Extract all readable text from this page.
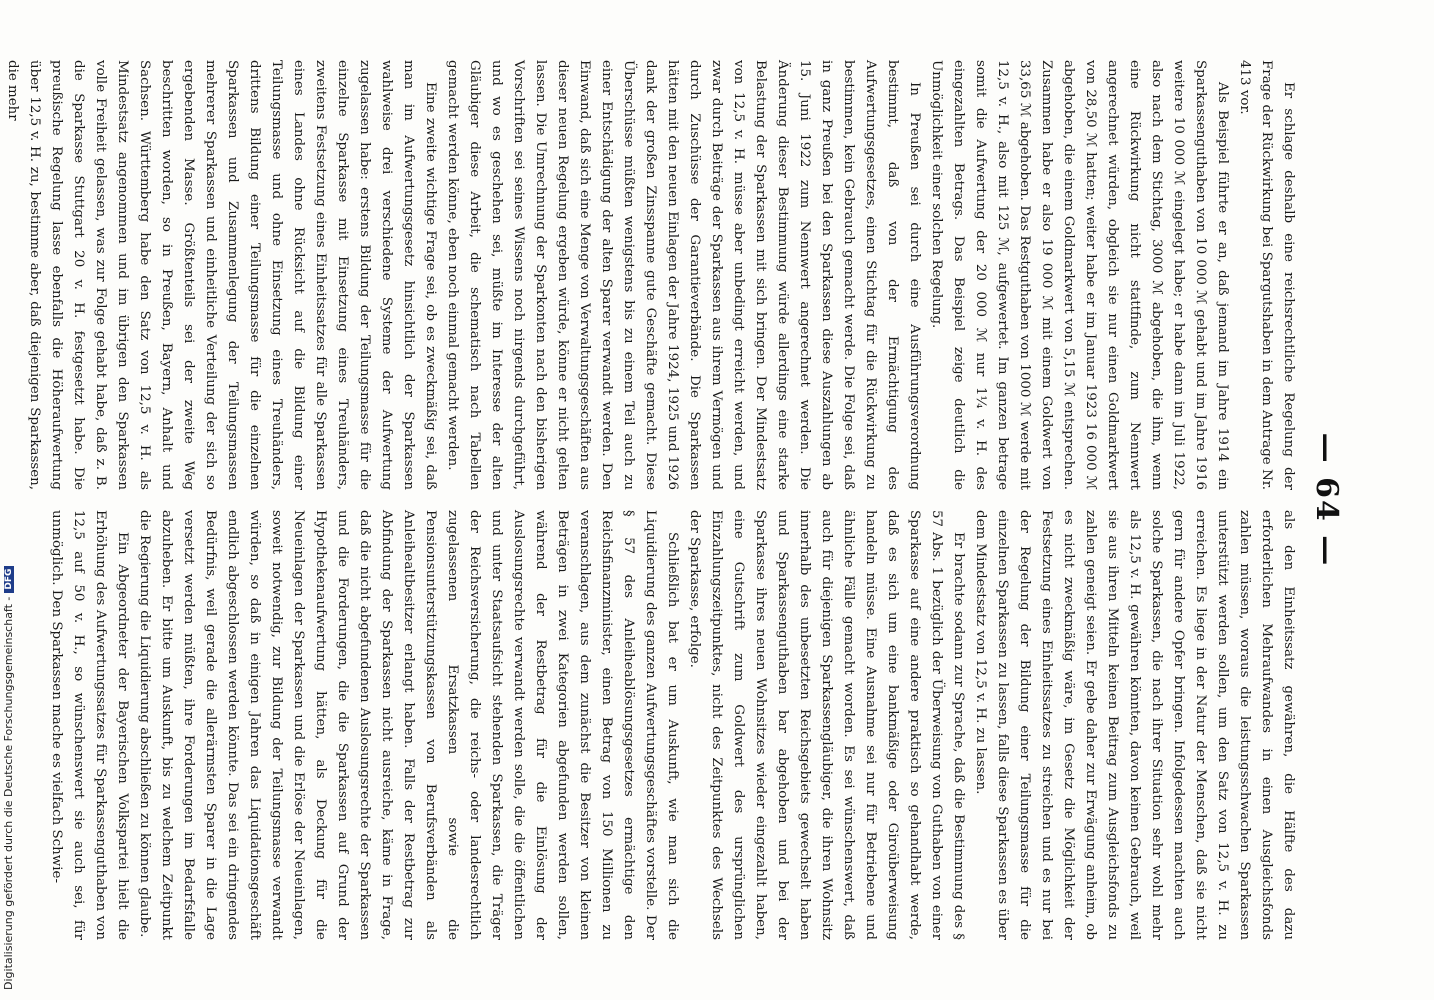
— 64 —

Er schlage deshalb eine reichsrechtliche Regelung der Frage der Rückwirkung bei Spargutshaben in dem Antrage Nr. 413 vor.

Als Beispiel führte er an, daß jemand im Jahre 1914 ein Sparkassenguthaben von 10 000 ℳ gehabt und im Jahre 1916 weitere 10 000 ℳ eingelegt habe; er habe dann im Juli 1922, also nach dem Stichtag, 3000 ℳ abgehoben, die ihm, wenn eine Rückwirkung nicht stattfinde, zum Nennwert angerechnet würden, obgleich sie nur einen Goldmarkwert von 28,50 ℳ hatten; weiter habe er im Januar 1923 16 000 ℳ abgehoben, die einem Goldmarkwert von 5,15 ℳ entsprechen. Zusammen habe er also 19 000 ℳ mit einem Goldwert von 33,65 ℳ abgehoben. Das Restguthaben von 1000 ℳ werde mit 12,5 v. H., also mit 125 ℳ, aufgewertet. Im ganzen betrage somit die Aufwertung der 20 000 ℳ nur 1¼ v. H. des eingezahlten Betrags. Das Beispiel zeige deutlich die Unmöglichkeit einer solchen Regelung.

In Preußen sei durch eine Ausführungsverordnung bestimmt, daß von der Ermächtigung des Aufwertungsgesetzes, einen Stichtag für die Rückwirkung zu bestimmen, kein Gebrauch gemacht werde. Die Folge sei, daß in ganz Preußen bei den Sparkassen diese Auszahlungen ab 15. Juni 1922 zum Nennwert angerechnet werden. Die Änderung dieser Bestimmung würde allerdings eine starke Belastung der Sparkassen mit sich bringen. Der Mindestsatz von 12,5 v. H. müsse aber unbedingt erreicht werden, und zwar durch Beiträge der Sparkassen aus ihrem Vermögen und durch Zuschüsse der Garantieverbände. Die Sparkassen hätten mit den neuen Einlagen der Jahre 1924, 1925 und 1926 dank der großen Zinsspanne gute Geschäfte gemacht. Diese Überschüsse müßten wenigstens bis zu einem Teil auch zu einer Entschädigung der alten Sparer verwandt werden. Den Einwand, daß sich eine Menge von Verwaltungsgeschäften aus dieser neuen Regelung ergeben würde, könne er nicht gelten lassen. Die Umrechnung der Sparkonten nach den bisherigen Vorschriften sei seines Wissens noch nirgends durchgeführt, und wo es geschehen sei, müßte im Interesse der alten Gläubiger diese Arbeit, die schematisch nach Tabellen gemacht werden könne, eben noch einmal gemacht werden.

Eine zweite wichtige Frage sei, ob es zweckmäßig sei, daß man im Aufwertungsgesetz hinsichtlich der Sparkassen wahlweise drei verschiedene Systeme der Aufwertung zugelassen habe: erstens Bildung der Teilungsmasse für die einzelne Sparkasse mit Einsetzung eines Treuhänders, zweitens Festsetzung eines Einheitssatzes für alle Sparkassen eines Landes ohne Rücksicht auf die Bildung einer Teilungsmasse und ohne Einsetzung eines Treuhänders, drittens Bildung einer Teilungsmasse für die einzelnen Sparkassen und Zusammenlegung der Teilungsmassen mehrerer Sparkassen und einheitliche Verteilung der sich so ergebenden Masse. Größtenteils sei der zweite Weg beschritten worden, so in Preußen, Bayern, Anhalt und Sachsen. Württemberg habe den Satz von 12,5 v. H. als Mindestsatz angenommen und im übrigen den Sparkassen volle Freiheit gelassen, was zur Folge gehabt habe, daß z. B. die Sparkasse Stuttgart 20 v. H. festgesetzt habe. Die preußische Regelung lasse ebenfalls die Höheraufwertung über 12,5 v. H. zu, bestimme aber, daß diejenigen Sparkassen, die mehr

als den Einheitssatz gewähren, die Hälfte des dazu erforderlichen Mehraufwandes in einen Ausgleichsfonds zahlen müssen, woraus die leistungsschwachen Sparkassen unterstützt werden sollen, um den Satz von 12,5 v. H. zu erreichen. Es liege in der Natur der Menschen, daß sie nicht gern für andere Opfer bringen. Infolgedessen machten auch solche Sparkassen, die nach ihrer Situation sehr wohl mehr als 12,5 v. H. gewähren könnten, davon keinen Gebrauch, weil sie aus ihren Mitteln keinen Beitrag zum Ausgleichsfonds zu zahlen geneigt seien. Er gebe daher zur Erwägung anheim, ob es nicht zweckmäßig wäre, im Gesetz die Möglichkeit der Festsetzung eines Einheitssatzes zu streichen und es nur bei der Regelung der Bildung einer Teilungsmasse für die einzelnen Sparkassen zu lassen, falls diese Sparkassen es über dem Mindestsatz von 12,5 v. H. zu lassen.

Er brachte sodann zur Sprache, daß die Bestimmung des § 57 Abs. 1 bezüglich der Überweisung von Guthaben von einer Sparkasse auf eine andere praktisch so gehandhabt werde, daß es sich um eine bankmäßige oder Giroüberweisung handeln müsse. Eine Ausnahme sei nur für Betriebene und ähnliche Fälle gemacht worden. Es sei wünschenswert, daß auch für diejenigen Sparkassengläubiger, die ihren Wohnsitz innerhalb des unbesetzten Reichsgebiets gewechselt haben und Sparkassenguthaben bar abgehoben und bei der Sparkasse ihres neuen Wohnsitzes wieder eingezahlt haben, eine Gutschrift zum Goldwert des ursprünglichen Einzahlungszeitpunktes, nicht des Zeitpunktes des Wechsels der Sparkasse, erfolge.

Schließlich bat er um Auskunft, wie man sich die Liquidierung des ganzen Aufwertungsgeschäftes vorstelle. Der § 57 des Anleiheablösungsgesetzes ermächtige den Reichsfinanzminister, einen Betrag von 150 Millionen zu veranschlagen, aus dem zunächst die Besitzer von kleinen Beträgen in zwei Kategorien abgefunden werden sollen, während der Restbetrag für die Einlösung der Auslosungsrechte verwandt werden solle, die die öffentlichen und unter Staatsaufsicht stehenden Sparkassen, die Träger der Reichsversicherung, die reichs- oder landesrechtlich zugelassenen Ersatzkassen sowie die Pensionsunterstützungskassen von Berufsverbänden als Anleihealtbesitzer erlangt haben. Falls der Restbetrag zur Abfindung der Sparkassen nicht ausreiche, käme in Frage, daß die nicht abgefundenen Auslosungsrechte der Sparkassen und die Forderungen, die die Sparkassen auf Grund der Hypothekenaufwertung hätten, als Deckung für die Neueinlagen der Sparkassen und die Erlöse der Neueinlagen, soweit notwendig, zur Bildung der Teilungsmasse verwandt würden, so daß in einigen Jahren das Liquidationsgeschäft endlich abgeschlossen werden könnte. Das sei ein dringendes Bedürfnis, weil gerade die allerärmsten Sparer in die Lage versetzt werden müßten, ihre Forderungen im Bedarfsfalle abzuheben. Er bitte um Auskunft, bis zu welchem Zeitpunkt die Regierung die Liquidierung abschließen zu können glaube.

Ein Abgeordneter der Bayerischen Volkspartei hielt die Erhöhung des Aufwertungssatzes für Sparkassenguthaben von 12,5 auf 50 v. H., so wünschenswert sie auch sei, für unmöglich. Den Sparkassen mache es vielfach Schwie-

Digitalisierung gefördert durch die Deutsche Forschungsgemeinschaft -DFG
